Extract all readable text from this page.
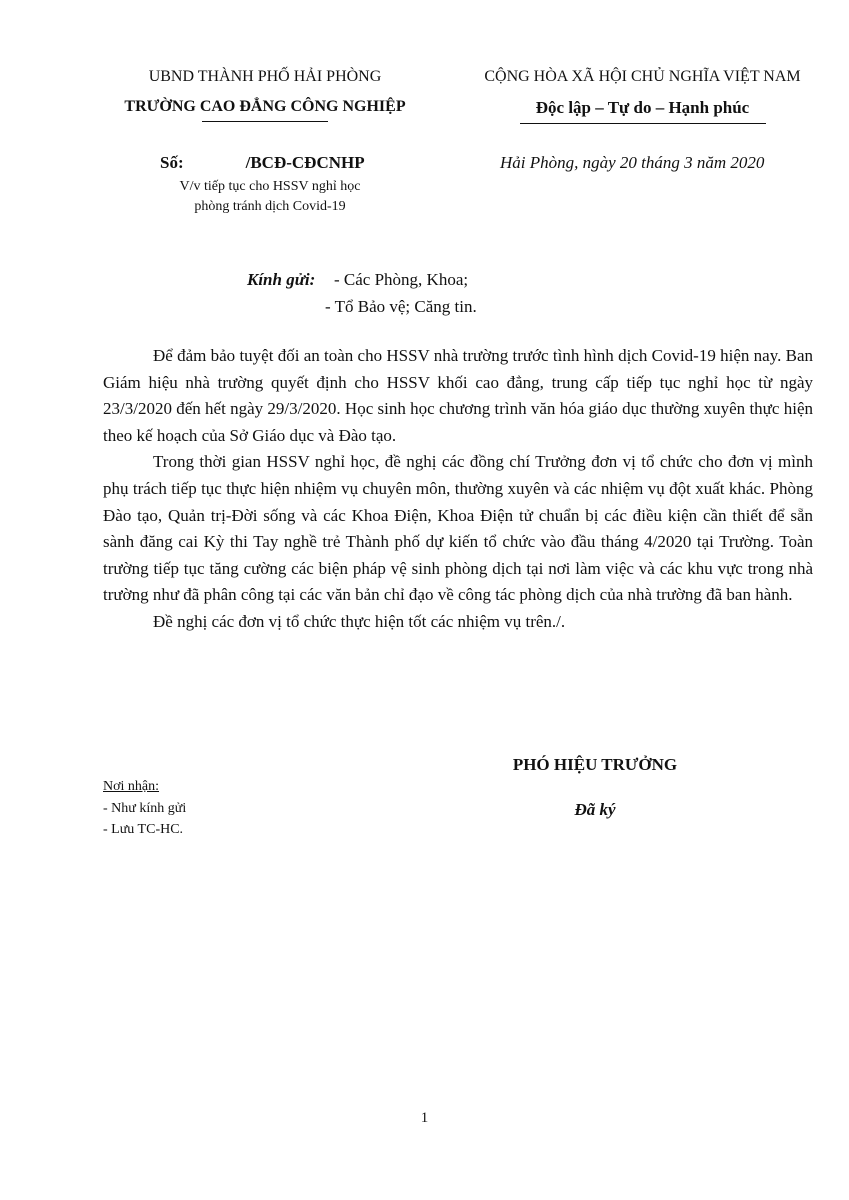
UBND THÀNH PHỐ HẢI PHÒNG
TRƯỜNG CAO ĐẲNG CÔNG NGHIỆP
CỘNG HÒA XÃ HỘI CHỦ NGHĨA VIỆT NAM
Độc lập – Tự do – Hạnh phúc
Số:	/BCĐ-CĐCNHP
V/v tiếp tục cho HSSV nghỉ học
phòng tránh dịch Covid-19
Hải Phòng, ngày 20 tháng 3 năm 2020
Kính gửi: - Các Phòng, Khoa;
- Tổ Bảo vệ; Căng tin.

Để đảm bảo tuyệt đối an toàn cho HSSV nhà trường trước tình hình dịch Covid-19 hiện nay. Ban Giám hiệu nhà trường quyết định cho HSSV khối cao đẳng, trung cấp tiếp tục nghỉ học từ ngày 23/3/2020 đến hết ngày 29/3/2020. Học sinh học chương trình văn hóa giáo dục thường xuyên thực hiện theo kế hoạch của Sở Giáo dục và Đào tạo.

Trong thời gian HSSV nghỉ học, đề nghị các đồng chí Trưởng đơn vị tổ chức cho đơn vị mình phụ trách tiếp tục thực hiện nhiệm vụ chuyên môn, thường xuyên và các nhiệm vụ đột xuất khác. Phòng Đào tạo, Quản trị-Đời sống và các Khoa Điện, Khoa Điện tử chuẩn bị các điều kiện cần thiết để sẵn sành đăng cai Kỳ thi Tay nghề trẻ Thành phố dự kiến tổ chức vào đầu tháng 4/2020 tại Trường. Toàn trường tiếp tục tăng cường các biện pháp vệ sinh phòng dịch tại nơi làm việc và các khu vực trong nhà trường như đã phân công tại các văn bản chỉ đạo về công tác phòng dịch của nhà trường đã ban hành.

Đề nghị các đơn vị tổ chức thực hiện tốt các nhiệm vụ trên./.

PHÓ HIỆU TRƯỞNG
Đã ký
Nơi nhận:
- Như kính gửi
- Lưu TC-HC.
1
